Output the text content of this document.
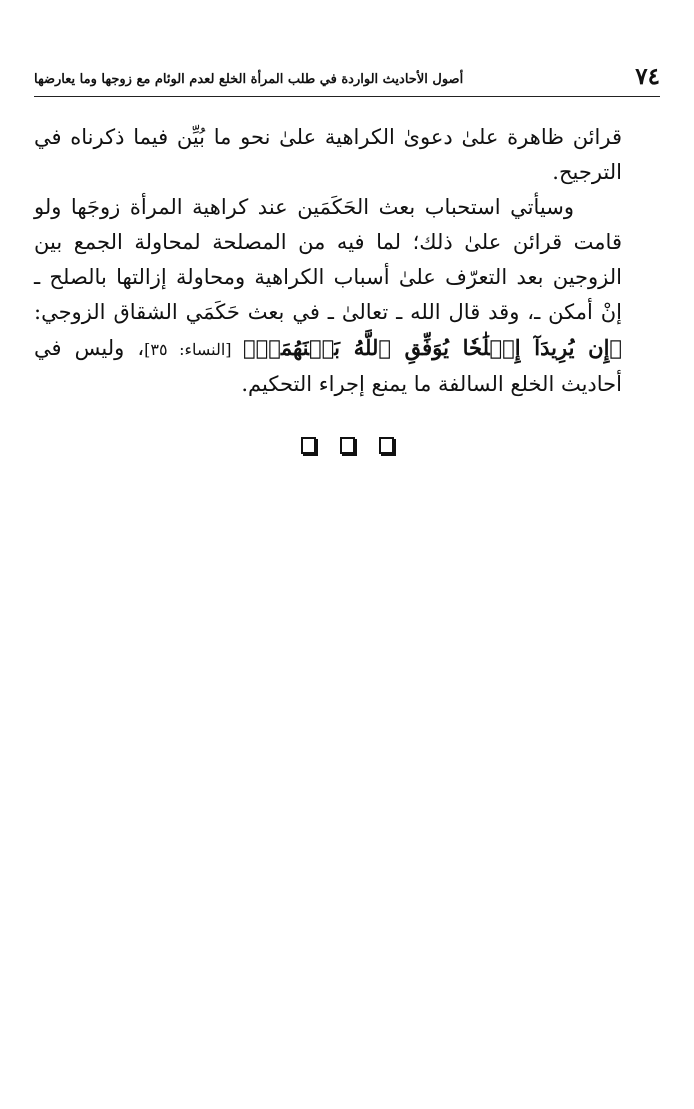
٧٤
أصول الأحاديث الواردة في طلب المرأة الخلع لعدم الوئام مع زوجها وما يعارضها

قرائن ظاهرة علىٰ دعوىٰ الكراهية علىٰ نحو ما بُيِّن فيما ذكرناه في الترجيح.

وسيأتي استحباب بعث الحَكَمَين عند كراهية المرأة زوجَها ولو قامت قرائن علىٰ ذلك؛ لما فيه من المصلحة لمحاولة الجمع بين الزوجين بعد التعرّف علىٰ أسباب الكراهية ومحاولة إزالتها بالصلح ـ إنْ أمكن ـ، وقد قال الله ـ تعالىٰ ـ في بعث حَكَمَي الشقاق الزوجي: ﴿إِن يُرِيدَآ إِصۡلَٰحٗا يُوَفِّقِ ٱللَّهُ بَيۡنَهُمَآۗ﴾ [النساء: ٣٥]، وليس في أحاديث الخلع السالفة ما يمنع إجراء التحكيم.
